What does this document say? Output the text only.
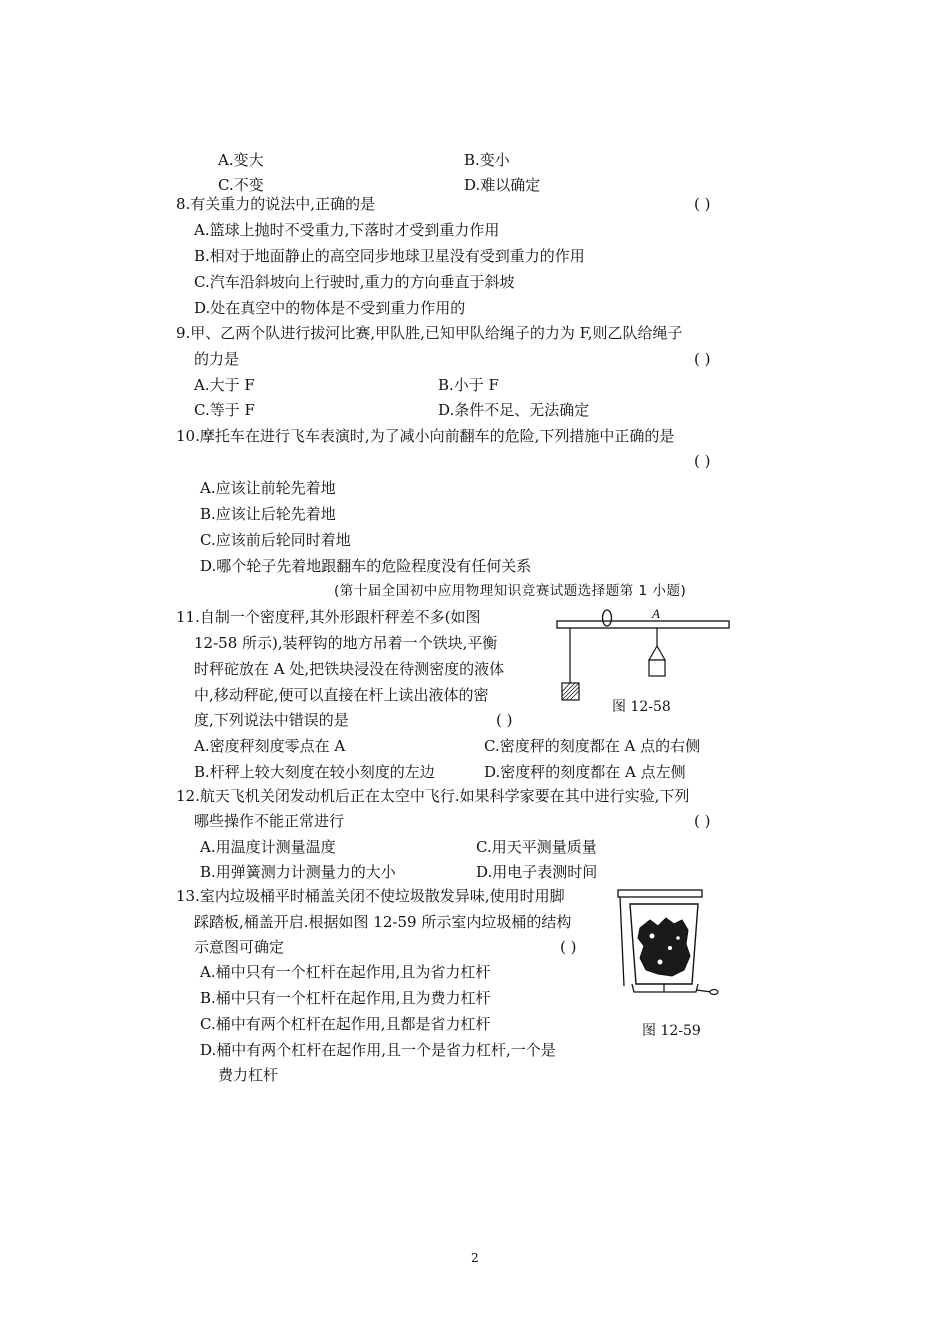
A.变大	B.变小
C.不变	D.难以确定
8.有关重力的说法中,正确的是	( )
A.篮球上抛时不受重力,下落时才受到重力作用
B.相对于地面静止的高空同步地球卫星没有受到重力的作用
C.汽车沿斜坡向上行驶时,重力的方向垂直于斜坡
D.处在真空中的物体是不受到重力作用的
9.甲、乙两个队进行拔河比赛,甲队胜,已知甲队给绳子的力为 F,则乙队给绳子
的力是	( )
A.大于 F	B.小于 F
C.等于 F	D.条件不足、无法确定
10.摩托车在进行飞车表演时,为了减小向前翻车的危险,下列措施中正确的是
( )
A.应该让前轮先着地
B.应该让后轮先着地
C.应该前后轮同时着地
D.哪个轮子先着地跟翻车的危险程度没有任何关系
(第十届全国初中应用物理知识竞赛试题选择题第 1 小题)
11.自制一个密度秤,其外形跟杆秤差不多(如图
12-58 所示),装秤钩的地方吊着一个铁块,平衡
时秤砣放在 A 处,把铁块浸没在待测密度的液体
中,移动秤砣,便可以直接在杆上读出液体的密
度,下列说法中错误的是	( )
A.密度秤刻度零点在 A	C.密度秤的刻度都在 A 点的右侧
B.杆秤上较大刻度在较小刻度的左边	D.密度秤的刻度都在 A 点左侧
A
图 12-58
12.航天飞机关闭发动机后正在太空中飞行.如果科学家要在其中进行实验,下列
哪些操作不能正常进行	( )
A.用温度计测量温度	C.用天平测量质量
B.用弹簧测力计测量力的大小	D.用电子表测时间
13.室内垃圾桶平时桶盖关闭不使垃圾散发异味,使用时用脚
踩踏板,桶盖开启.根据如图 12-59 所示室内垃圾桶的结构
示意图可确定	( )
A.桶中只有一个杠杆在起作用,且为省力杠杆
B.桶中只有一个杠杆在起作用,且为费力杠杆
C.桶中有两个杠杆在起作用,且都是省力杠杆
D.桶中有两个杠杆在起作用,且一个是省力杠杆,一个是
费力杠杆
图 12-59
2
